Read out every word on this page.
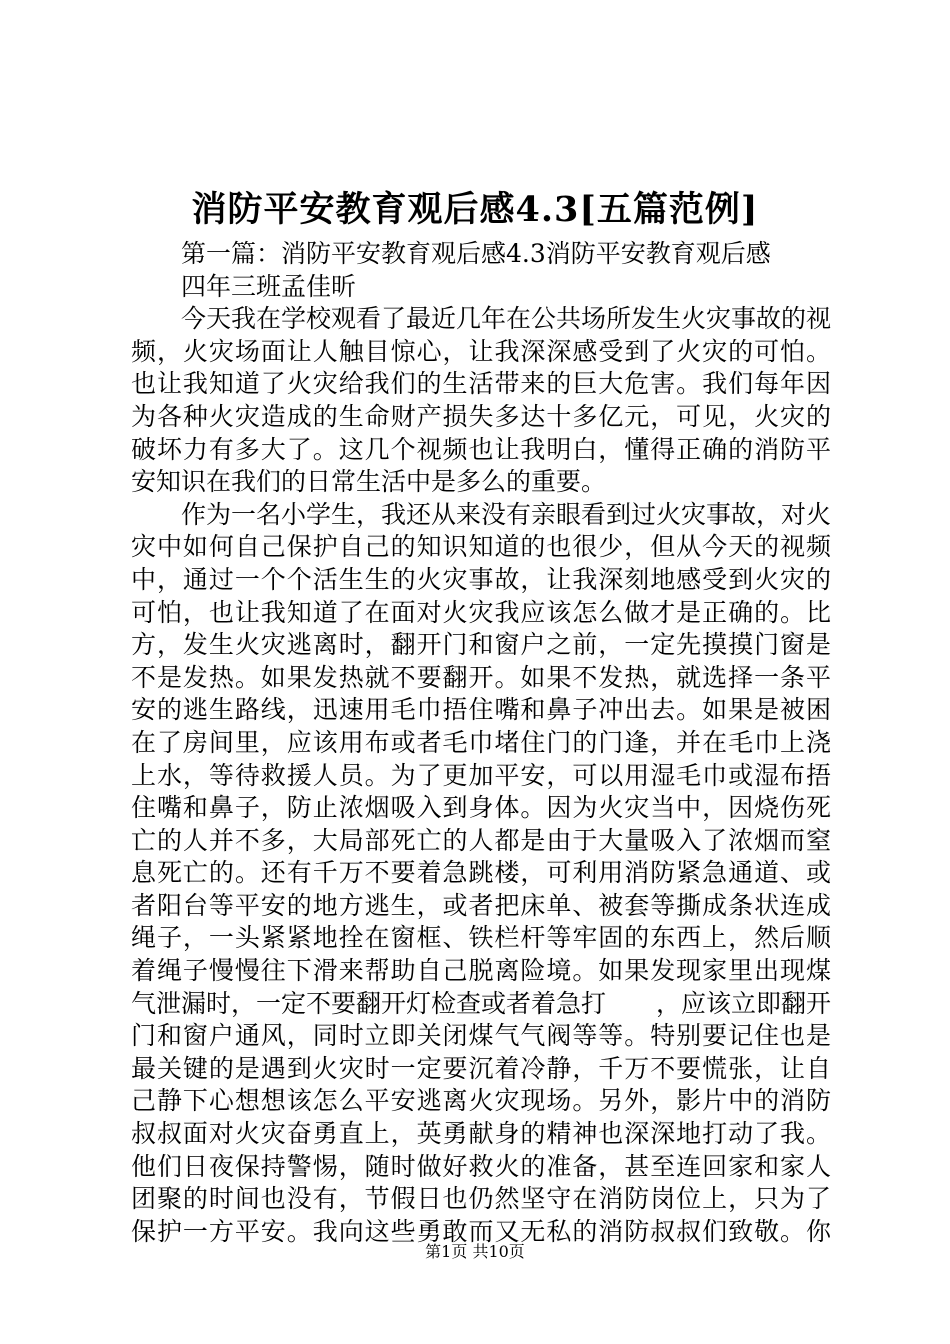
消防平安教育观后感4.3[五篇范例]
第一篇：消防平安教育观后感4.3消防平安教育观后感
四年三班孟佳昕
今天我在学校观看了最近几年在公共场所发生火灾事故的视
频，火灾场面让人触目惊心，让我深深感受到了火灾的可怕。
也让我知道了火灾给我们的生活带来的巨大危害。我们每年因
为各种火灾造成的生命财产损失多达十多亿元，可见，火灾的
破坏力有多大了。这几个视频也让我明白，懂得正确的消防平
安知识在我们的日常生活中是多么的重要。
作为一名小学生，我还从来没有亲眼看到过火灾事故，对火
灾中如何自己保护自己的知识知道的也很少，但从今天的视频
中，通过一个个活生生的火灾事故，让我深刻地感受到火灾的
可怕，也让我知道了在面对火灾我应该怎么做才是正确的。比
方，发生火灾逃离时，翻开门和窗户之前，一定先摸摸门窗是
不是发热。如果发热就不要翻开。如果不发热，就选择一条平
安的逃生路线，迅速用毛巾捂住嘴和鼻子冲出去。如果是被困
在了房间里，应该用布或者毛巾堵住门的门逢，并在毛巾上浇
上水，等待救援人员。为了更加平安，可以用湿毛巾或湿布捂
住嘴和鼻子，防止浓烟吸入到身体。因为火灾当中，因烧伤死
亡的人并不多，大局部死亡的人都是由于大量吸入了浓烟而窒
息死亡的。还有千万不要着急跳楼，可利用消防紧急通道、或
者阳台等平安的地方逃生，或者把床单、被套等撕成条状连成
绳子，一头紧紧地拴在窗框、铁栏杆等牢固的东西上，然后顺
着绳子慢慢往下滑来帮助自己脱离险境。如果发现家里出现煤
气泄漏时，一定不要翻开灯检查或者着急打　　，应该立即翻开
门和窗户通风，同时立即关闭煤气气阀等等。特别要记住也是
最关键的是遇到火灾时一定要沉着冷静，千万不要慌张，让自
己静下心想想该怎么平安逃离火灾现场。另外，影片中的消防
叔叔面对火灾奋勇直上，英勇献身的精神也深深地打动了我。
他们日夜保持警惕，随时做好救火的准备，甚至连回家和家人
团聚的时间也没有，节假日也仍然坚守在消防岗位上，只为了
保护一方平安。我向这些勇敢而又无私的消防叔叔们致敬。你
第1页 共10页
